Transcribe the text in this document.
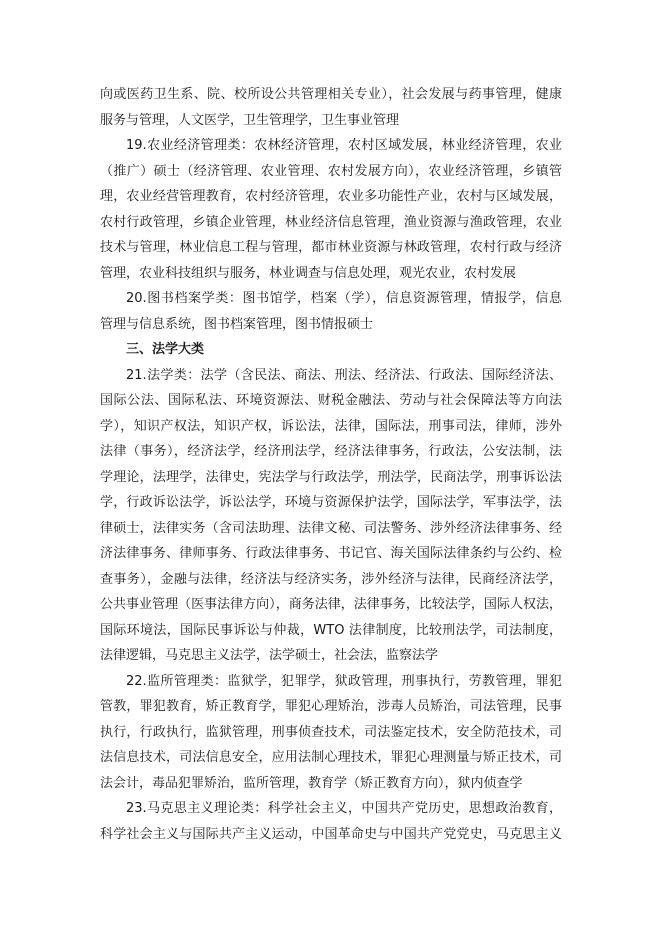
向或医药卫生系、院、校所设公共管理相关专业），社会发展与药事管理，健康
服务与管理，人文医学，卫生管理学，卫生事业管理
19.农业经济管理类：农林经济管理，农村区域发展，林业经济管理，农业
（推广）硕士（经济管理、农业管理、农村发展方向），农业经济管理，乡镇管
理，农业经营管理教育，农村经济管理，农业多功能性产业，农村与区域发展，
农村行政管理，乡镇企业管理，林业经济信息管理，渔业资源与渔政管理，农业
技术与管理，林业信息工程与管理，都市林业资源与林政管理，农村行政与经济
管理，农业科技组织与服务，林业调查与信息处理，观光农业，农村发展
20.图书档案学类：图书馆学，档案（学），信息资源管理，情报学，信息
管理与信息系统，图书档案管理，图书情报硕士
三、法学大类
21.法学类：法学（含民法、商法、刑法、经济法、行政法、国际经济法、
国际公法、国际私法、环境资源法、财税金融法、劳动与社会保障法等方向法
学），知识产权法，知识产权，诉讼法，法律，国际法，刑事司法，律师，涉外
法律（事务），经济法学，经济刑法学，经济法律事务，行政法，公安法制，法
学理论，法理学，法律史，宪法学与行政法学，刑法学，民商法学，刑事诉讼法
学，行政诉讼法学，诉讼法学，环境与资源保护法学，国际法学，军事法学，法
律硕士，法律实务（含司法助理、法律文秘、司法警务、涉外经济法律事务、经
济法律事务、律师事务、行政法律事务、书记官、海关国际法律条约与公约、检
查事务），金融与法律，经济法与经济实务，涉外经济与法律，民商经济法学，
公共事业管理（医事法律方向），商务法律，法律事务，比较法学，国际人权法，
国际环境法，国际民事诉讼与仲裁，WTO 法律制度，比较刑法学，司法制度，
法律逻辑，马克思主义法学，法学硕士，社会法，监察法学
22.监所管理类：监狱学，犯罪学，狱政管理，刑事执行，劳教管理，罪犯
管教，罪犯教育，矫正教育学，罪犯心理矫治，涉毒人员矫治，司法管理，民事
执行，行政执行，监狱管理，刑事侦查技术，司法鉴定技术，安全防范技术，司
法信息技术，司法信息安全，应用法制心理技术，罪犯心理测量与矫正技术，司
法会计，毒品犯罪矫治，监所管理，教育学（矫正教育方向），狱内侦查学
23.马克思主义理论类：科学社会主义，中国共产党历史，思想政治教育，
科学社会主义与国际共产主义运动，中国革命史与中国共产党党史，马克思主义
